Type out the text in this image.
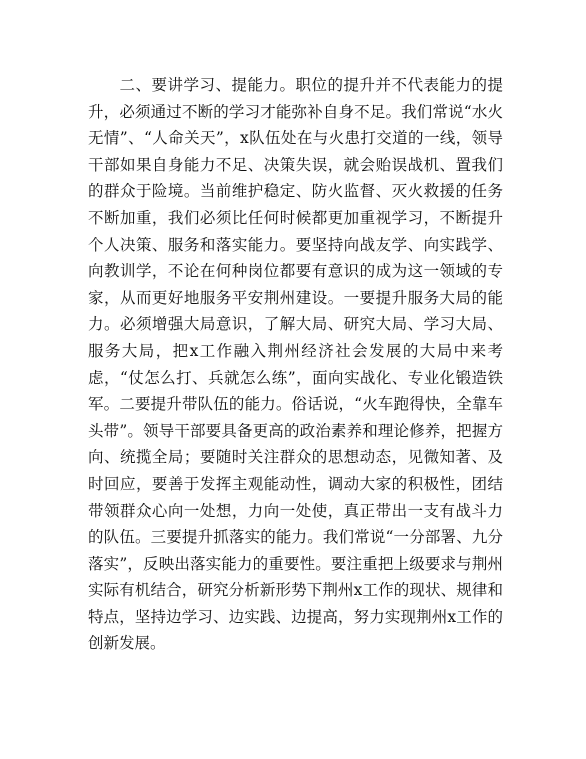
二、要讲学习、提能力。职位的提升并不代表能力的提升，必须通过不断的学习才能弥补自身不足。我们常说“水火无情”、“人命关天”，x队伍处在与火患打交道的一线，领导干部如果自身能力不足、决策失误，就会贻误战机、置我们的群众于险境。当前维护稳定、防火监督、灭火救援的任务不断加重，我们必须比任何时候都更加重视学习，不断提升个人决策、服务和落实能力。要坚持向战友学、向实践学、向教训学，不论在何种岗位都要有意识的成为这一领域的专家，从而更好地服务平安荆州建设。一要提升服务大局的能力。必须增强大局意识，了解大局、研究大局、学习大局、服务大局，把x工作融入荆州经济社会发展的大局中来考虑，“仗怎么打、兵就怎么练”，面向实战化、专业化锻造铁军。二要提升带队伍的能力。俗话说，“火车跑得快，全靠车头带”。领导干部要具备更高的政治素养和理论修养，把握方向、统揽全局；要随时关注群众的思想动态，见微知著、及时回应，要善于发挥主观能动性，调动大家的积极性，团结带领群众心向一处想，力向一处使，真正带出一支有战斗力的队伍。三要提升抓落实的能力。我们常说“一分部署、九分落实”，反映出落实能力的重要性。要注重把上级要求与荆州实际有机结合，研究分析新形势下荆州x工作的现状、规律和特点，坚持边学习、边实践、边提高，努力实现荆州x工作的创新发展。
